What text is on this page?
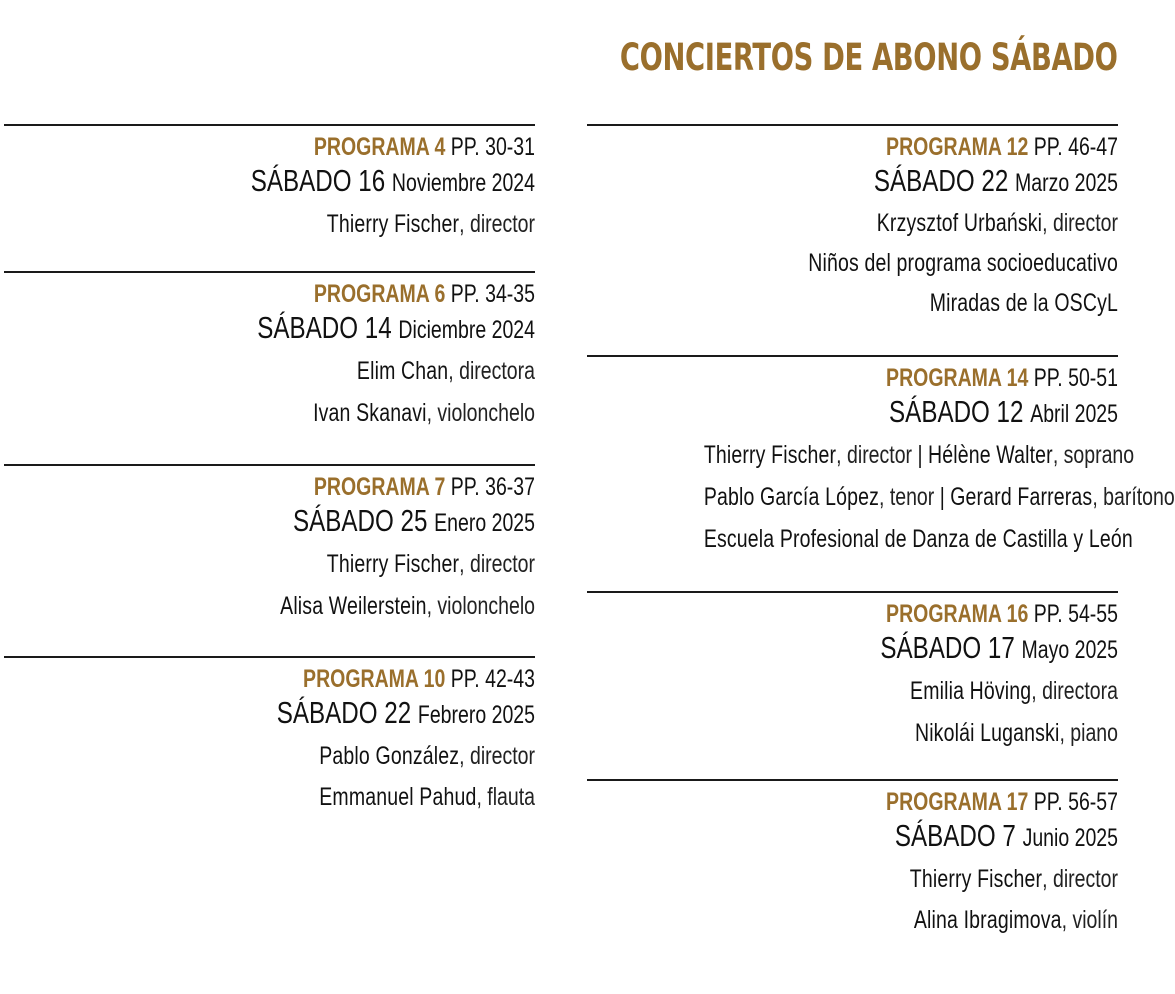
CONCIERTOS DE ABONO SÁBADO
PROGRAMA 4 PP. 30-31
SÁBADO 16 Noviembre 2024
Thierry Fischer, director
PROGRAMA 6 PP. 34-35
SÁBADO 14 Diciembre 2024
Elim Chan, directora
Ivan Skanavi, violonchelo
PROGRAMA 7 PP. 36-37
SÁBADO 25 Enero 2025
Thierry Fischer, director
Alisa Weilerstein, violonchelo
PROGRAMA 10 PP. 42-43
SÁBADO 22 Febrero 2025
Pablo González, director
Emmanuel Pahud, flauta
PROGRAMA 12 PP. 46-47
SÁBADO 22 Marzo 2025
Krzysztof Urbański, director
Niños del programa socioeducativo
Miradas de la OSCyL
PROGRAMA 14 PP. 50-51
SÁBADO 12 Abril 2025
Thierry Fischer, director | Hélène Walter, soprano
Pablo García López, tenor | Gerard Farreras, barítono
Escuela Profesional de Danza de Castilla y León
PROGRAMA 16 PP. 54-55
SÁBADO 17 Mayo 2025
Emilia Höving, directora
Nikolái Luganski, piano
PROGRAMA 17 PP. 56-57
SÁBADO 7 Junio 2025
Thierry Fischer, director
Alina Ibragimova, violín
